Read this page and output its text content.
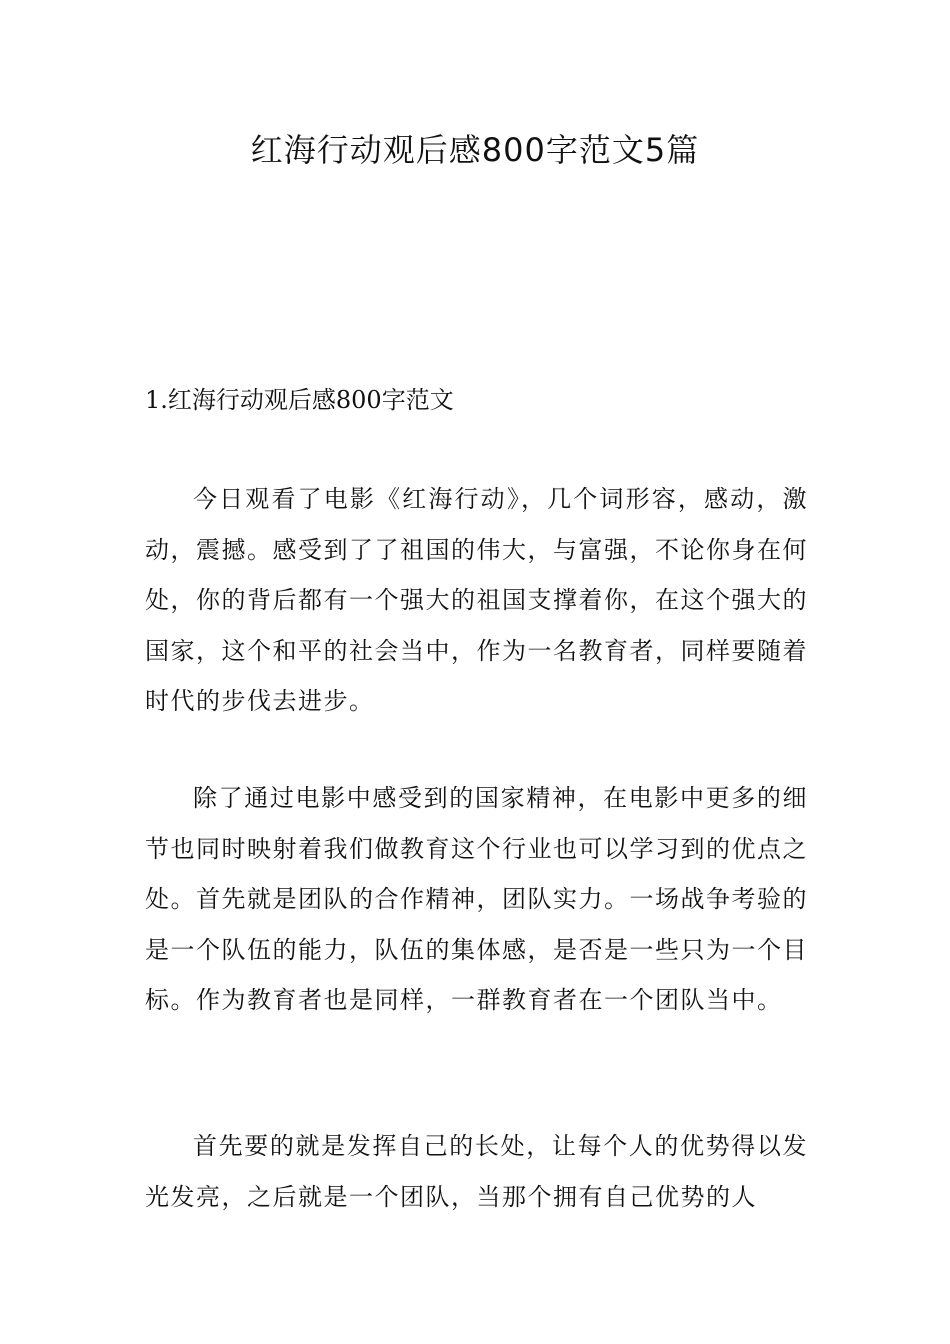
红海行动观后感800字范文5篇
1.红海行动观后感800字范文

今日观看了电影《红海行动》，几个词形容，感动，激动，震撼。感受到了了祖国的伟大，与富强，不论你身在何处，你的背后都有一个强大的祖国支撑着你，在这个强大的国家，这个和平的社会当中，作为一名教育者，同样要随着时代的步伐去进步。

除了通过电影中感受到的国家精神，在电影中更多的细节也同时映射着我们做教育这个行业也可以学习到的优点之处。首先就是团队的合作精神，团队实力。一场战争考验的是一个队伍的能力，队伍的集体感，是否是一些只为一个目标。作为教育者也是同样，一群教育者在一个团队当中。

首先要的就是发挥自己的长处，让每个人的优势得以发光发亮，之后就是一个团队，当那个拥有自己优势的人
